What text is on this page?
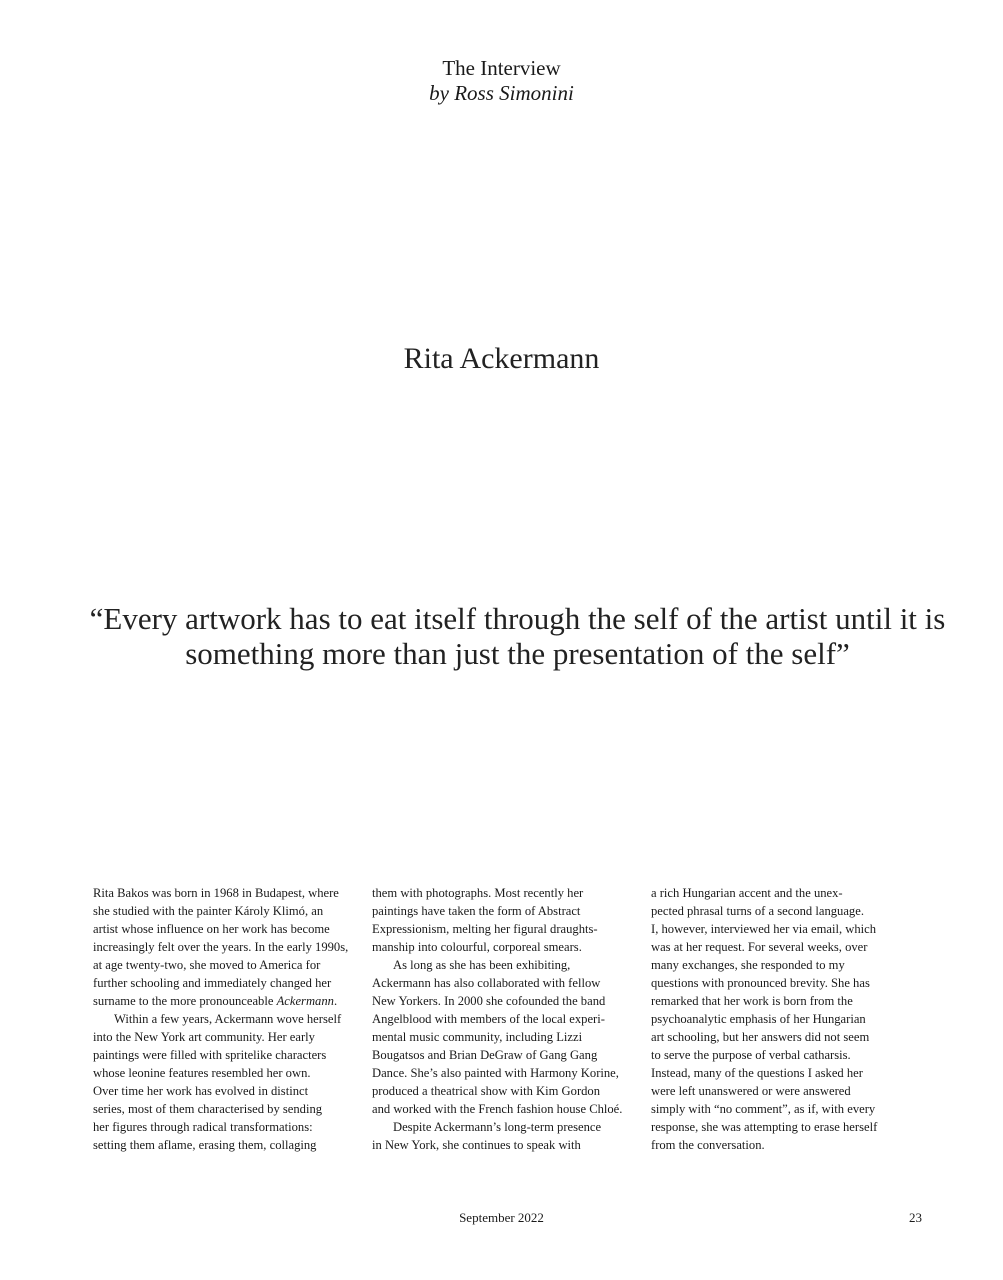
The Interview
by Ross Simonini
Rita Ackermann
“Every artwork has to eat itself through the self of the artist until it is
something more than just the presentation of the self”
Rita Bakos was born in 1968 in Budapest, where
she studied with the painter Károly Klimó, an
artist whose influence on her work has become
increasingly felt over the years. In the early 1990s,
at age twenty-two, she moved to America for
further schooling and immediately changed her
surname to the more pronounceable Ackermann.
Within a few years, Ackermann wove herself
into the New York art community. Her early
paintings were filled with spritelike characters
whose leonine features resembled her own.
Over time her work has evolved in distinct
series, most of them characterised by sending
her figures through radical transformations:
setting them aflame, erasing them, collaging
them with photographs. Most recently her
paintings have taken the form of Abstract
Expressionism, melting her figural draughts-
manship into colourful, corporeal smears.
As long as she has been exhibiting,
Ackermann has also collaborated with fellow
New Yorkers. In 2000 she cofounded the band
Angelblood with members of the local experi-
mental music community, including Lizzi
Bougatsos and Brian DeGraw of Gang Gang
Dance. She’s also painted with Harmony Korine,
produced a theatrical show with Kim Gordon
and worked with the French fashion house Chloé.
Despite Ackermann’s long-term presence
in New York, she continues to speak with
a rich Hungarian accent and the unex-
pected phrasal turns of a second language.
I, however, interviewed her via email, which
was at her request. For several weeks, over
many exchanges, she responded to my
questions with pronounced brevity. She has
remarked that her work is born from the
psychoanalytic emphasis of her Hungarian
art schooling, but her answers did not seem
to serve the purpose of verbal catharsis.
Instead, many of the questions I asked her
were left unanswered or were answered
simply with “no comment”, as if, with every
response, she was attempting to erase herself
from the conversation.
September 2022	23
